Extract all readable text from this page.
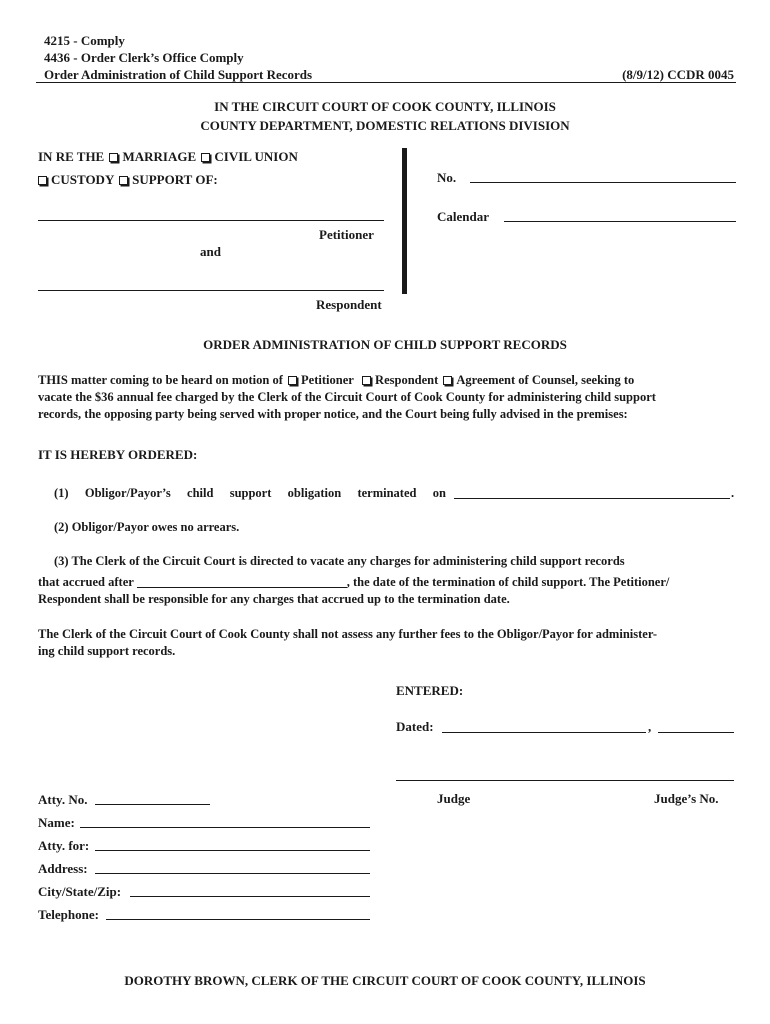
4215 - Comply
4436 - Order Clerk’s Office Comply
Order Administration of Child Support Records	(8/9/12) CCDR 0045
IN THE CIRCUIT COURT OF COOK COUNTY, ILLINOIS
COUNTY DEPARTMENT, DOMESTIC RELATIONS DIVISION
IN RE THE MARRIAGE CIVIL UNION
CUSTODY SUPPORT OF:
Petitioner
and
Respondent
No.
Calendar
ORDER ADMINISTRATION OF CHILD SUPPORT RECORDS
THIS matter coming to be heard on motion of Petitioner Respondent Agreement of Counsel, seeking to
vacate the $36 annual fee charged by the Clerk of the Circuit Court of Cook County for administering child support
records, the opposing party being served with proper notice, and the Court being fully advised in the premises:
IT IS HEREBY ORDERED:
(1) Obligor/Payor’s child support obligation terminated on	.
(2) Obligor/Payor owes no arrears.
(3) The Clerk of the Circuit Court is directed to vacate any charges for administering child support records
that accrued after	, the date of the termination of child support. The Petitioner/
Respondent shall be responsible for any charges that accrued up to the termination date.
The Clerk of the Circuit Court of Cook County shall not assess any further fees to the Obligor/Payor for administer-
ing child support records.
ENTERED:
Dated:	,
Judge	Judge’s No.
Atty. No.
Name:
Atty. for:
Address:
City/State/Zip:
Telephone:
DOROTHY BROWN, CLERK OF THE CIRCUIT COURT OF COOK COUNTY, ILLINOIS
